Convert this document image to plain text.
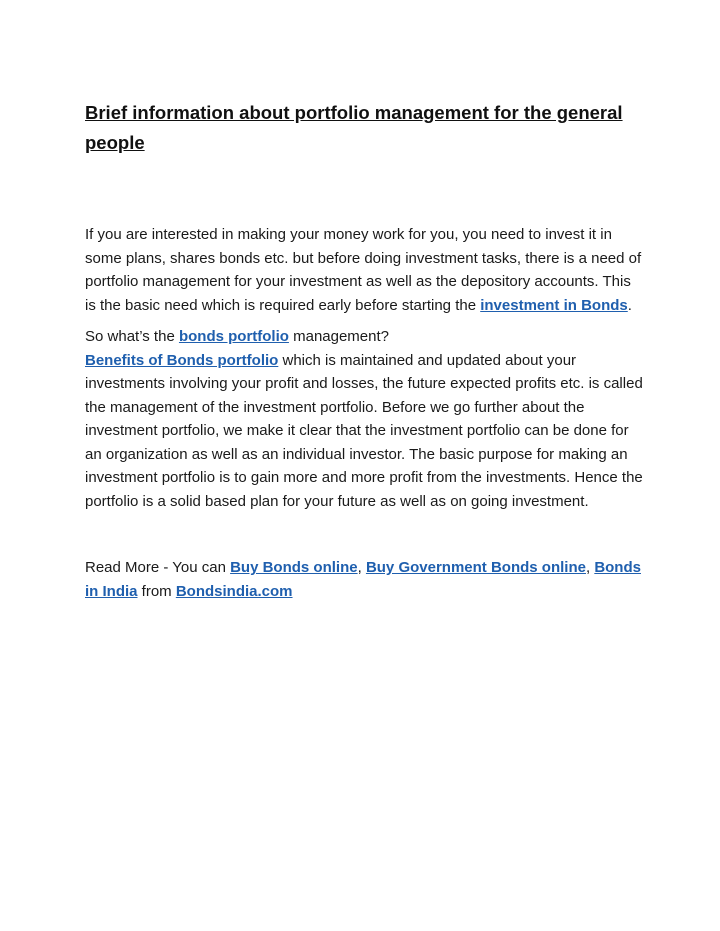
Brief information about portfolio management for the general people

If you are interested in making your money work for you, you need to invest it in some plans, shares bonds etc. but before doing investment tasks, there is a need of portfolio management for your investment as well as the depository accounts. This is the basic need which is required early before starting the investment in Bonds.

So what’s the bonds portfolio management?

Benefits of Bonds portfolio which is maintained and updated about your investments involving your profit and losses, the future expected profits etc. is called the management of the investment portfolio. Before we go further about the investment portfolio, we make it clear that the investment portfolio can be done for an organization as well as an individual investor. The basic purpose for making an investment portfolio is to gain more and more profit from the investments. Hence the portfolio is a solid based plan for your future as well as on going investment.

Read More - You can Buy Bonds online, Buy Government Bonds online, Bonds in India from Bondsindia.com
